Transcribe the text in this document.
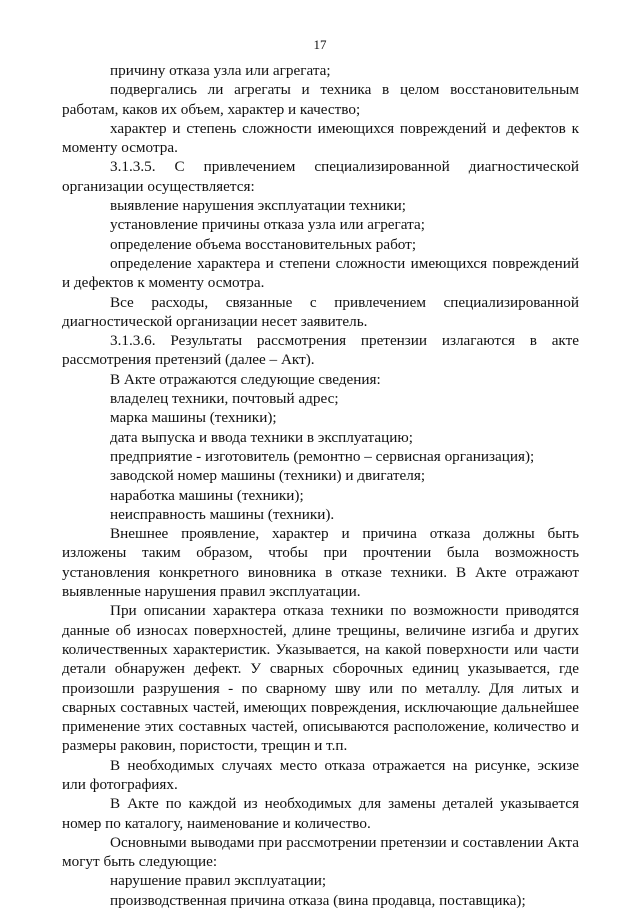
17
причину отказа узла или агрегата;
подвергались ли агрегаты и техника в целом восстановительным работам, каков их объем, характер и качество;
характер и степень сложности имеющихся повреждений и дефектов к моменту осмотра.
3.1.3.5. С привлечением специализированной диагностической организации осуществляется:
выявление нарушения эксплуатации техники;
установление причины отказа узла или агрегата;
определение объема восстановительных работ;
определение характера и степени сложности имеющихся повреждений и дефектов к моменту осмотра.
Все расходы, связанные с привлечением специализированной диагностической организации несет заявитель.
3.1.3.6. Результаты рассмотрения претензии излагаются в акте рассмотрения претензий (далее – Акт).
В Акте отражаются следующие сведения:
владелец техники, почтовый адрес;
марка машины (техники);
дата выпуска и ввода техники в эксплуатацию;
предприятие - изготовитель (ремонтно – сервисная организация);
заводской номер машины (техники) и двигателя;
наработка машины (техники);
неисправность машины (техники).
Внешнее проявление, характер и причина отказа должны быть изложены таким образом, чтобы при прочтении была возможность установления конкретного виновника в отказе техники. В Акте отражают выявленные нарушения правил эксплуатации.
При описании характера отказа техники по возможности приводятся данные об износах поверхностей, длине трещины, величине изгиба и других количественных характеристик. Указывается, на какой поверхности или части детали обнаружен дефект. У сварных сборочных единиц указывается, где произошли разрушения - по сварному шву или по металлу. Для литых и сварных составных частей, имеющих повреждения, исключающие дальнейшее применение этих составных частей, описываются расположение, количество и размеры раковин, пористости, трещин и т.п.
В необходимых случаях место отказа отражается на рисунке, эскизе или фотографиях.
В Акте по каждой из необходимых для замены деталей указывается номер по каталогу, наименование и количество.
Основными выводами при рассмотрении претензии и составлении Акта могут быть следующие:
нарушение правил эксплуатации;
производственная причина отказа (вина продавца, поставщика);
